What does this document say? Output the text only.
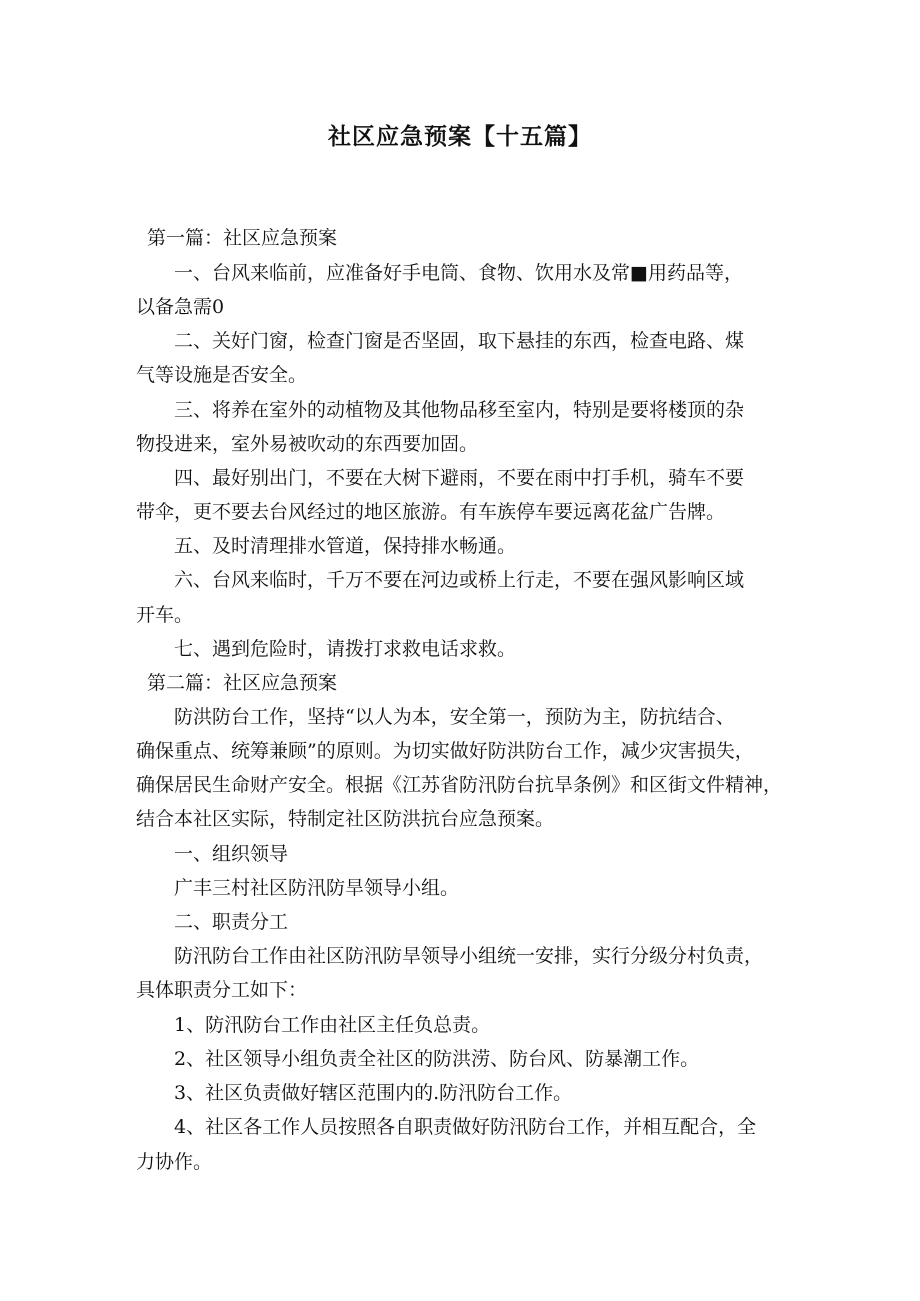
社区应急预案【十五篇】
第一篇：社区应急预案
一、台风来临前，应准备好手电筒、食物、饮用水及常■用药品等，
以备急需0
二、关好门窗，检查门窗是否坚固，取下悬挂的东西，检查电路、煤
气等设施是否安全。
三、将养在室外的动植物及其他物品移至室内，特别是要将楼顶的杂
物投进来，室外易被吹动的东西要加固。
四、最好别出门，不要在大树下避雨，不要在雨中打手机，骑车不要
带伞，更不要去台风经过的地区旅游。有车族停车要远离花盆广告牌。
五、及时清理排水管道，保持排水畅通。
六、台风来临时，千万不要在河边或桥上行走，不要在强风影响区域
开车。
七、遇到危险时，请拨打求救电话求救。
第二篇：社区应急预案
防洪防台工作，坚持“以人为本，安全第一，预防为主，防抗结合、
确保重点、统筹兼顾”的原则。为切实做好防洪防台工作，减少灾害损失，
确保居民生命财产安全。根据《江苏省防汛防台抗旱条例》和区街文件精神，
结合本社区实际，特制定社区防洪抗台应急预案。
一、组织领导
广丰三村社区防汛防旱领导小组。
二、职责分工
防汛防台工作由社区防汛防旱领导小组统一安排，实行分级分村负责，
具体职责分工如下：
1、防汛防台工作由社区主任负总责。
2、社区领导小组负责全社区的防洪涝、防台风、防暴潮工作。
3、社区负责做好辖区范围内的.防汛防台工作。
4、社区各工作人员按照各自职责做好防汛防台工作，并相互配合，全
力协作。
